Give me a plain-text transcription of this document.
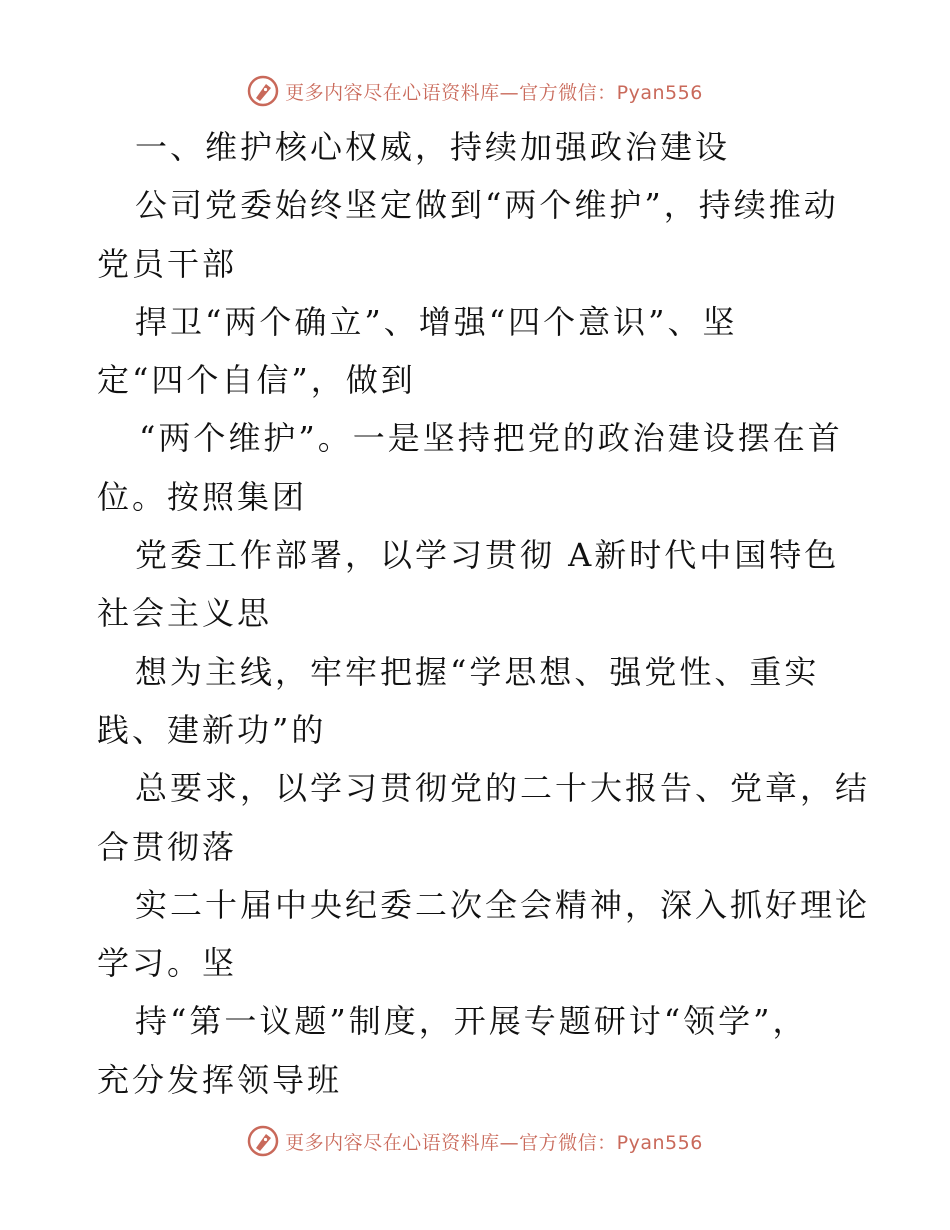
更多内容尽在心语资料库—官方微信：Pyan556
一、维护核心权威，持续加强政治建设
公司党委始终坚定做到“两个维护”，持续推动
党员干部
捍卫“两个确立”、增强“四个意识”、坚
定“四个自信”，做到
“两个维护”。一是坚持把党的政治建设摆在首
位。按照集团
党委工作部署，以学习贯彻 A新时代中国特色
社会主义思
想为主线，牢牢把握“学思想、强党性、重实
践、建新功”的
总要求，以学习贯彻党的二十大报告、党章，结
合贯彻落
实二十届中央纪委二次全会精神，深入抓好理论
学习。坚
持“第一议题”制度，开展专题研讨“领学”，
充分发挥领导班
更多内容尽在心语资料库—官方微信：Pyan556
